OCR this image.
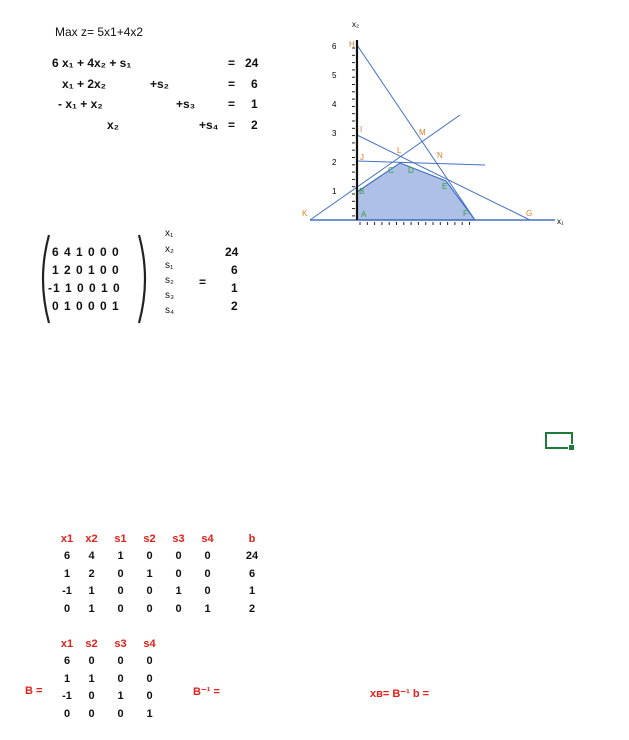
Max z= 5x1+4x2
6 x₁ + 4x₂ + s₁	= 24
x₁ + 2x₂	+s₂	= 6
- x₁ + x₂	+s₃	= 1
x₂	+s₄ = 2
6 4 1 0 0 0
1 2 0 1 0 0
-1 1 0 0 1 0
0 1 0 0 0 1
x₁
x₂
s₁
s₂
s₃
s₄
=
24
6
1
2
x₂
x₁
1
2
3
4
5
6
A
B
C D
E
F	G
H
I
J
K
L
M
N
x1	x2	s1	s2	s3	s4	b
6	4	1	0	0	0	24
1	2	0	1	0	0	6
-1	1	0	0	1	0	1
0	1	0	0	0	1	2
x1	s2	s3	s4
6	0	0	0
1	1	0	0
-1	0	1	0
0	0	0	1
B =	B⁻¹ =	xʙ= B⁻¹ b =
